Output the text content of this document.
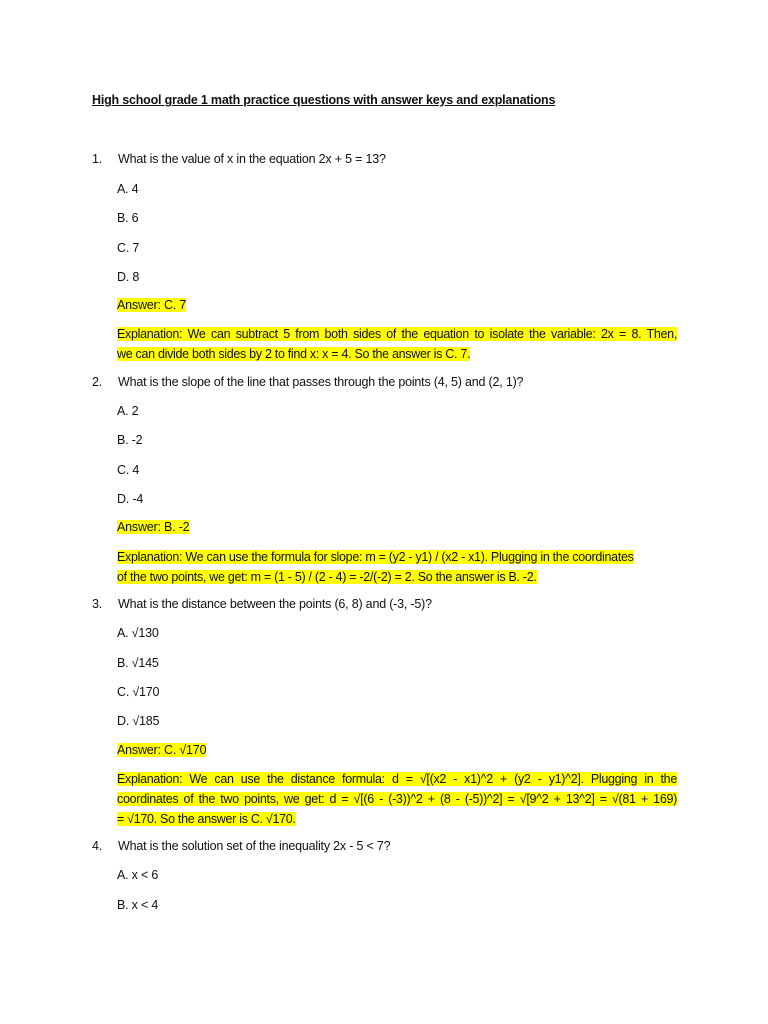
High school grade 1 math practice questions with answer keys and explanations
1. What is the value of x in the equation 2x + 5 = 13?
A. 4
B. 6
C. 7
D. 8
Answer: C. 7
Explanation: We can subtract 5 from both sides of the equation to isolate the variable: 2x = 8. Then,
we can divide both sides by 2 to find x: x = 4. So the answer is C. 7.
2. What is the slope of the line that passes through the points (4, 5) and (2, 1)?
A. 2
B. -2
C. 4
D. -4
Answer: B. -2
Explanation: We can use the formula for slope: m = (y2 - y1) / (x2 - x1). Plugging in the coordinates
of the two points, we get: m = (1 - 5) / (2 - 4) = -2/(-2) = 2. So the answer is B. -2.
3. What is the distance between the points (6, 8) and (-3, -5)?
A. √130
B. √145
C. √170
D. √185
Answer: C. √170
Explanation: We can use the distance formula: d = √[(x2 - x1)^2 + (y2 - y1)^2]. Plugging in the
coordinates of the two points, we get: d = √[(6 - (-3))^2 + (8 - (-5))^2] = √[9^2 + 13^2] = √(81 + 169)
= √170. So the answer is C. √170.
4. What is the solution set of the inequality 2x - 5 < 7?
A. x < 6
B. x < 4
